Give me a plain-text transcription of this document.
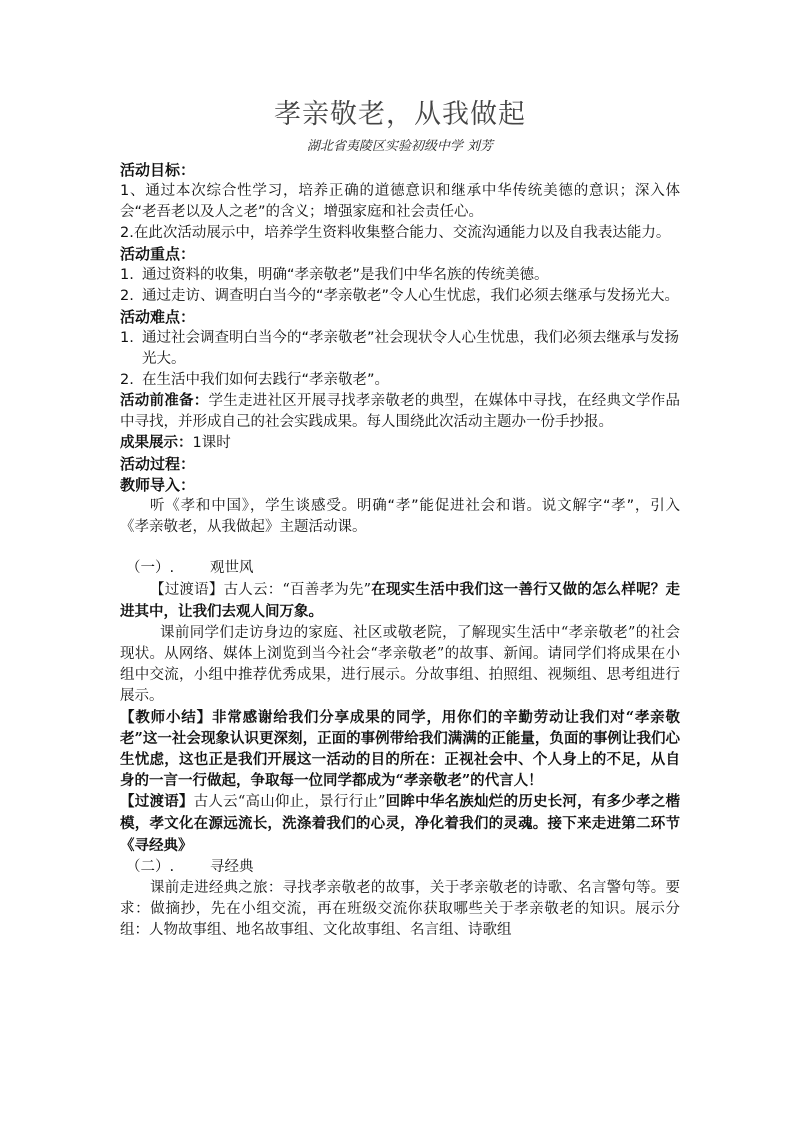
孝亲敬老，从我做起
湖北省夷陵区实验初级中学 刘芳
活动目标：

1、通过本次综合性学习，培养正确的道德意识和继承中华传统美德的意识；深入体会“老吾老以及人之老”的含义；增强家庭和社会责任心。

2.在此次活动展示中，培养学生资料收集整合能力、交流沟通能力以及自我表达能力。

活动重点：
1. 通过资料的收集，明确“孝亲敬老”是我们中华名族的传统美德。
2. 通过走访、调查明白当今的“孝亲敬老”令人心生忧虑，我们必须去继承与发扬光大。
活动难点：
1. 通过社会调查明白当今的“孝亲敬老”社会现状令人心生忧患，我们必须去继承与发扬光大。
2. 在生活中我们如何去践行“孝亲敬老”。

活动前准备：学生走进社区开展寻找孝亲敬老的典型，在媒体中寻找，在经典文学作品中寻找，并形成自己的社会实践成果。每人围绕此次活动主题办一份手抄报。

成果展示：1课时

活动过程：
教师导入：

听《孝和中国》，学生谈感受。明确“孝”能促进社会和谐。说文解字“孝”，引入《孝亲敬老，从我做起》主题活动课。

（一）. 观世风

【过渡语】古人云：“百善孝为先”在现实生活中我们这一善行又做的怎么样呢？走进其中，让我们去观人间万象。

课前同学们走访身边的家庭、社区或敬老院，了解现实生活中“孝亲敬老”的社会现状。从网络、媒体上浏览到当今社会“孝亲敬老”的故事、新闻。请同学们将成果在小组中交流，小组中推荐优秀成果，进行展示。分故事组、拍照组、视频组、思考组进行展示。

【教师小结】非常感谢给我们分享成果的同学，用你们的辛勤劳动让我们对“孝亲敬老”这一社会现象认识更深刻，正面的事例带给我们满满的正能量，负面的事例让我们心生忧虑，这也正是我们开展这一活动的目的所在：正视社会中、个人身上的不足，从自身的一言一行做起，争取每一位同学都成为“孝亲敬老”的代言人！

【过渡语】古人云“高山仰止，景行行止”回眸中华名族灿烂的历史长河，有多少孝之楷模，孝文化在源远流长，洗涤着我们的心灵，净化着我们的灵魂。接下来走进第二环节《寻经典》

（二）. 寻经典

课前走进经典之旅：寻找孝亲敬老的故事，关于孝亲敬老的诗歌、名言警句等。要求：做摘抄，先在小组交流，再在班级交流你获取哪些关于孝亲敬老的知识。展示分组：人物故事组、地名故事组、文化故事组、名言组、诗歌组
